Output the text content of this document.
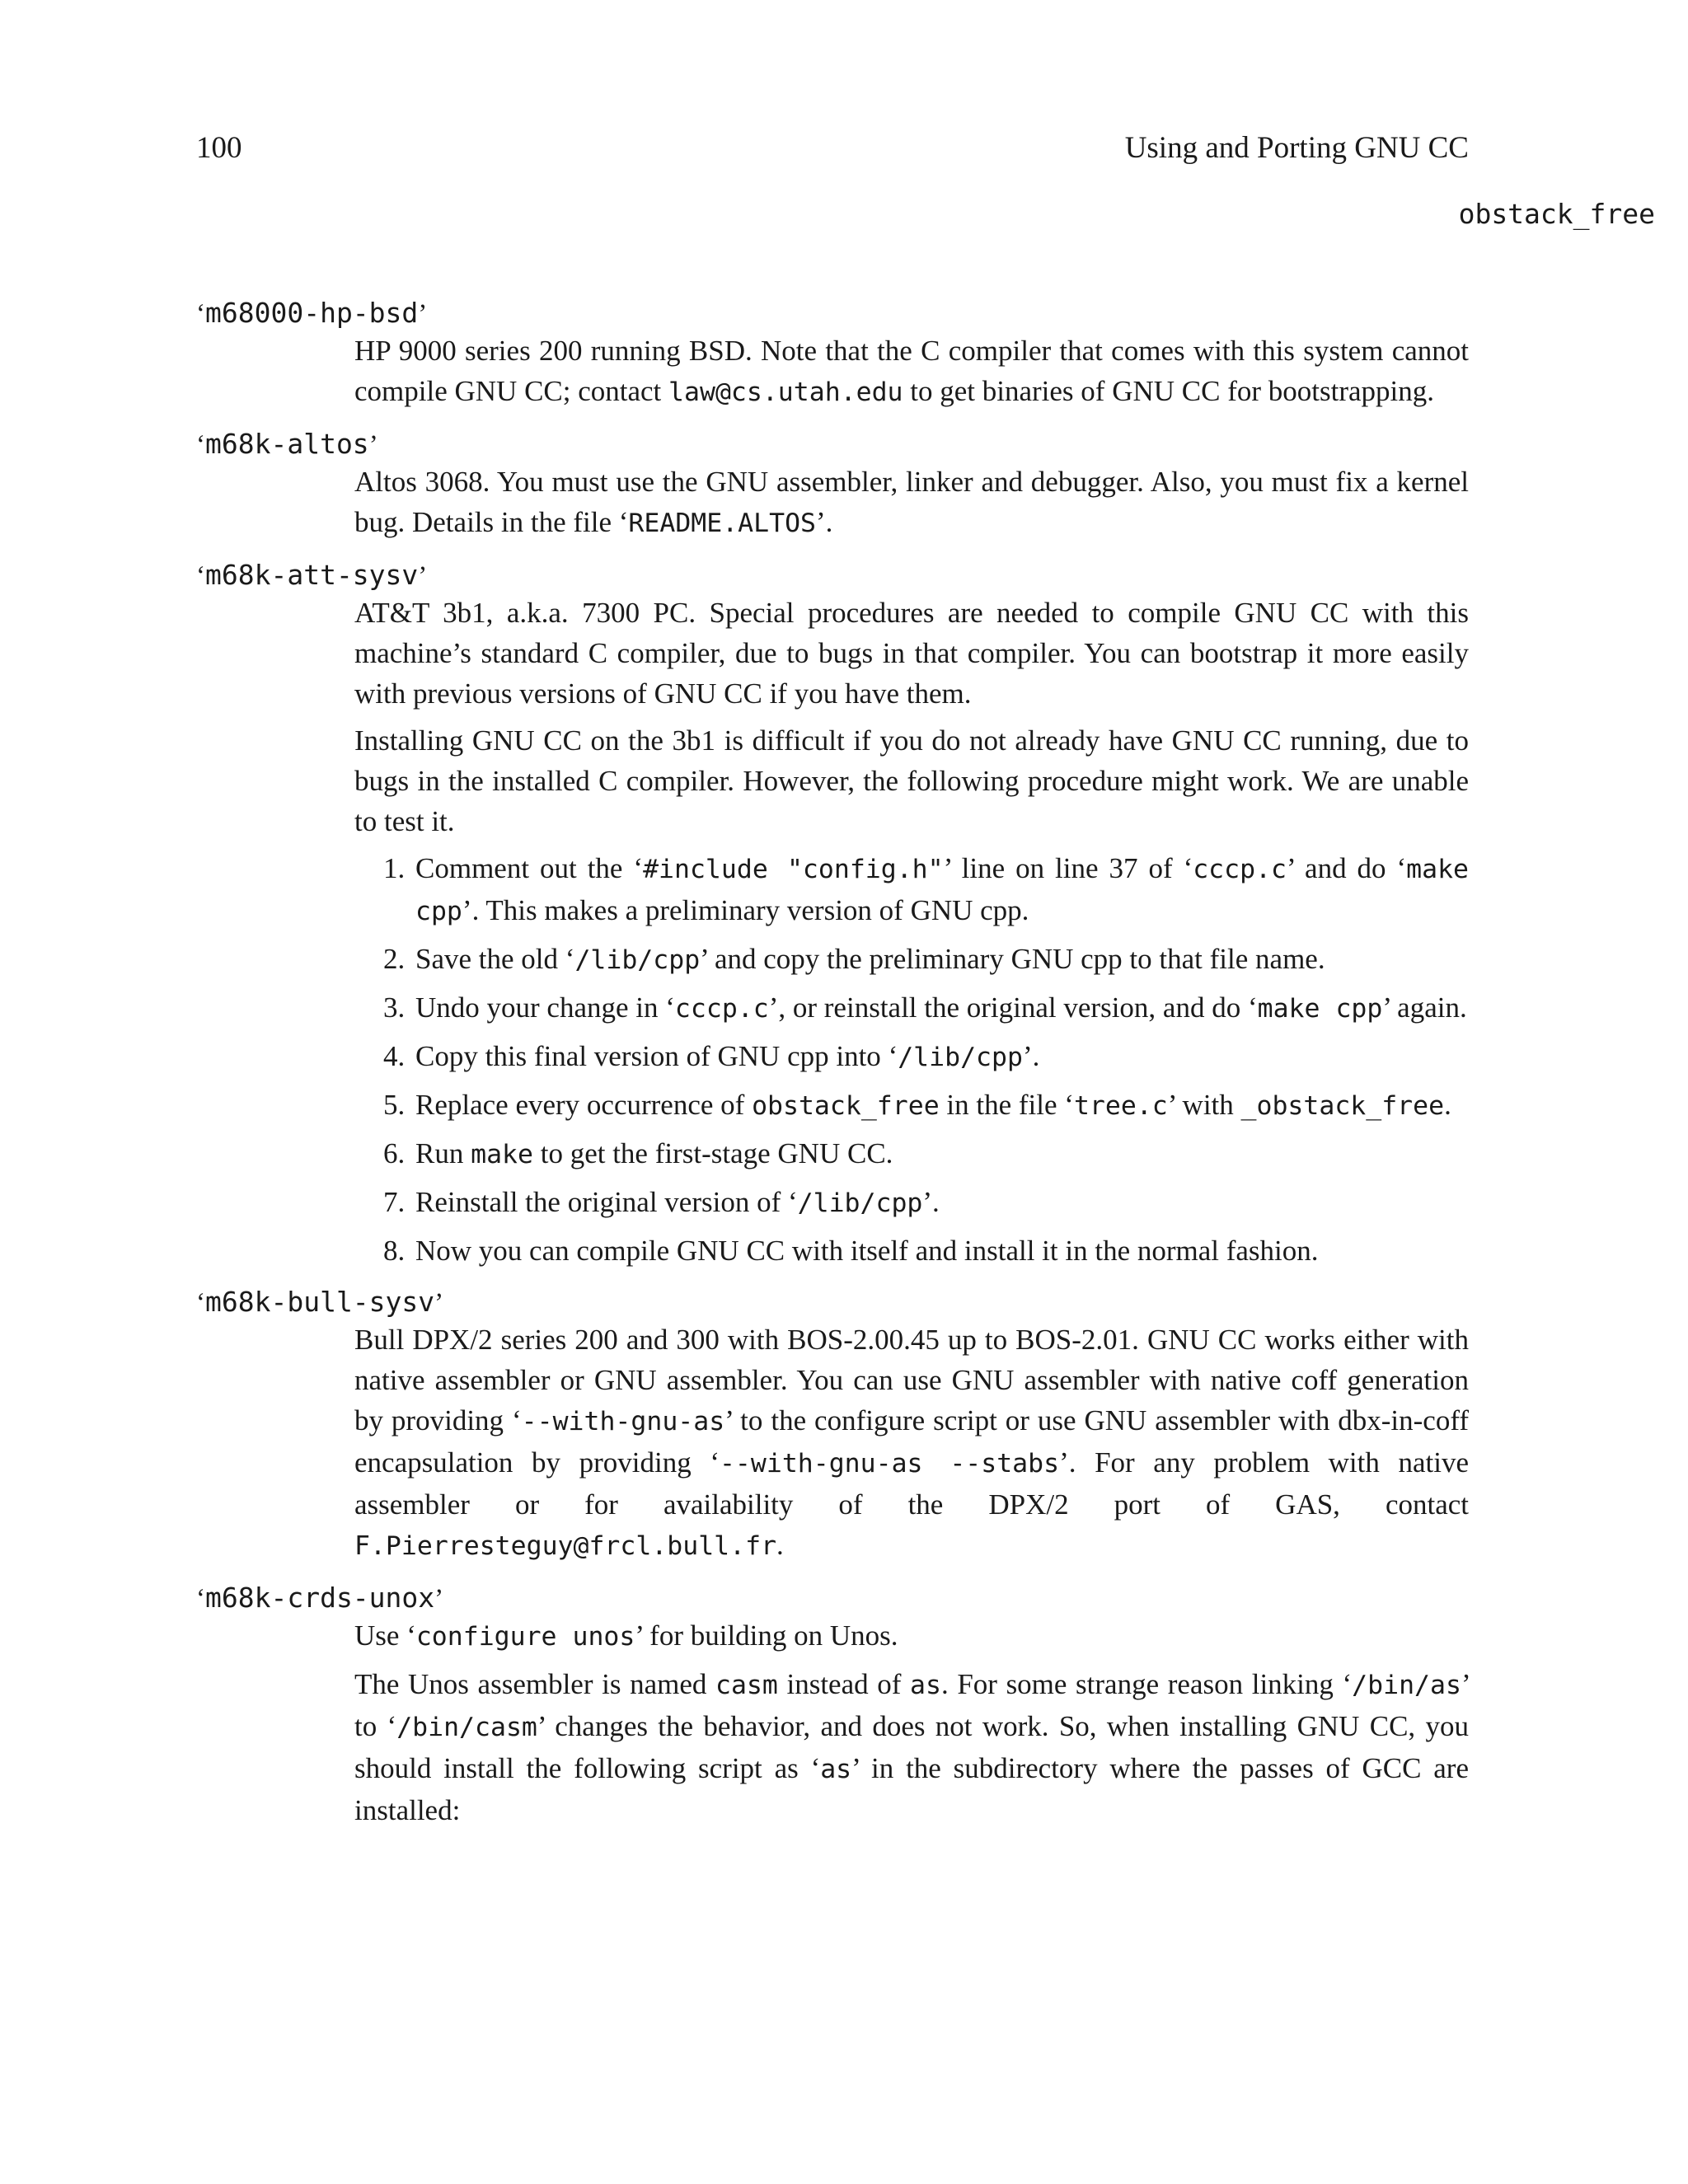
100	Using and Porting GNU CC
obstack_free
‘m68000-hp-bsd’

HP 9000 series 200 running BSD. Note that the C compiler that comes with this system cannot compile GNU CC; contact law@cs.utah.edu to get binaries of GNU CC for bootstrapping.

‘m68k-altos’

Altos 3068. You must use the GNU assembler, linker and debugger. Also, you must fix a kernel bug. Details in the file ‘README.ALTOS’.

‘m68k-att-sysv’

AT&T 3b1, a.k.a. 7300 PC. Special procedures are needed to compile GNU CC with this machine’s standard C compiler, due to bugs in that compiler. You can bootstrap it more easily with previous versions of GNU CC if you have them.

Installing GNU CC on the 3b1 is difficult if you do not already have GNU CC running, due to bugs in the installed C compiler. However, the following procedure might work. We are unable to test it.

1. Comment out the ‘#include "config.h"’ line on line 37 of ‘cccp.c’ and do ‘make cpp’. This makes a preliminary version of GNU cpp.
2. Save the old ‘/lib/cpp’ and copy the preliminary GNU cpp to that file name.
3. Undo your change in ‘cccp.c’, or reinstall the original version, and do ‘make cpp’ again.
4. Copy this final version of GNU cpp into ‘/lib/cpp’.
5. Replace every occurrence of obstack_free in the file ‘tree.c’ with _obstack_free.
6. Run make to get the first-stage GNU CC.
7. Reinstall the original version of ‘/lib/cpp’.
8. Now you can compile GNU CC with itself and install it in the normal fashion.
‘m68k-bull-sysv’

Bull DPX/2 series 200 and 300 with BOS-2.00.45 up to BOS-2.01. GNU CC works either with native assembler or GNU assembler. You can use GNU assembler with native coff generation by providing ‘--with-gnu-as’ to the configure script or use GNU assembler with dbx-in-coff encapsulation by providing ‘--with-gnu-as --stabs’. For any problem with native assembler or for availability of the DPX/2 port of GAS, contact F.Pierresteguy@frcl.bull.fr.

‘m68k-crds-unox’

Use ‘configure unos’ for building on Unos.

The Unos assembler is named casm instead of as. For some strange reason linking ‘/bin/as’ to ‘/bin/casm’ changes the behavior, and does not work. So, when installing GNU CC, you should install the following script as ‘as’ in the subdirectory where the passes of GCC are installed:
